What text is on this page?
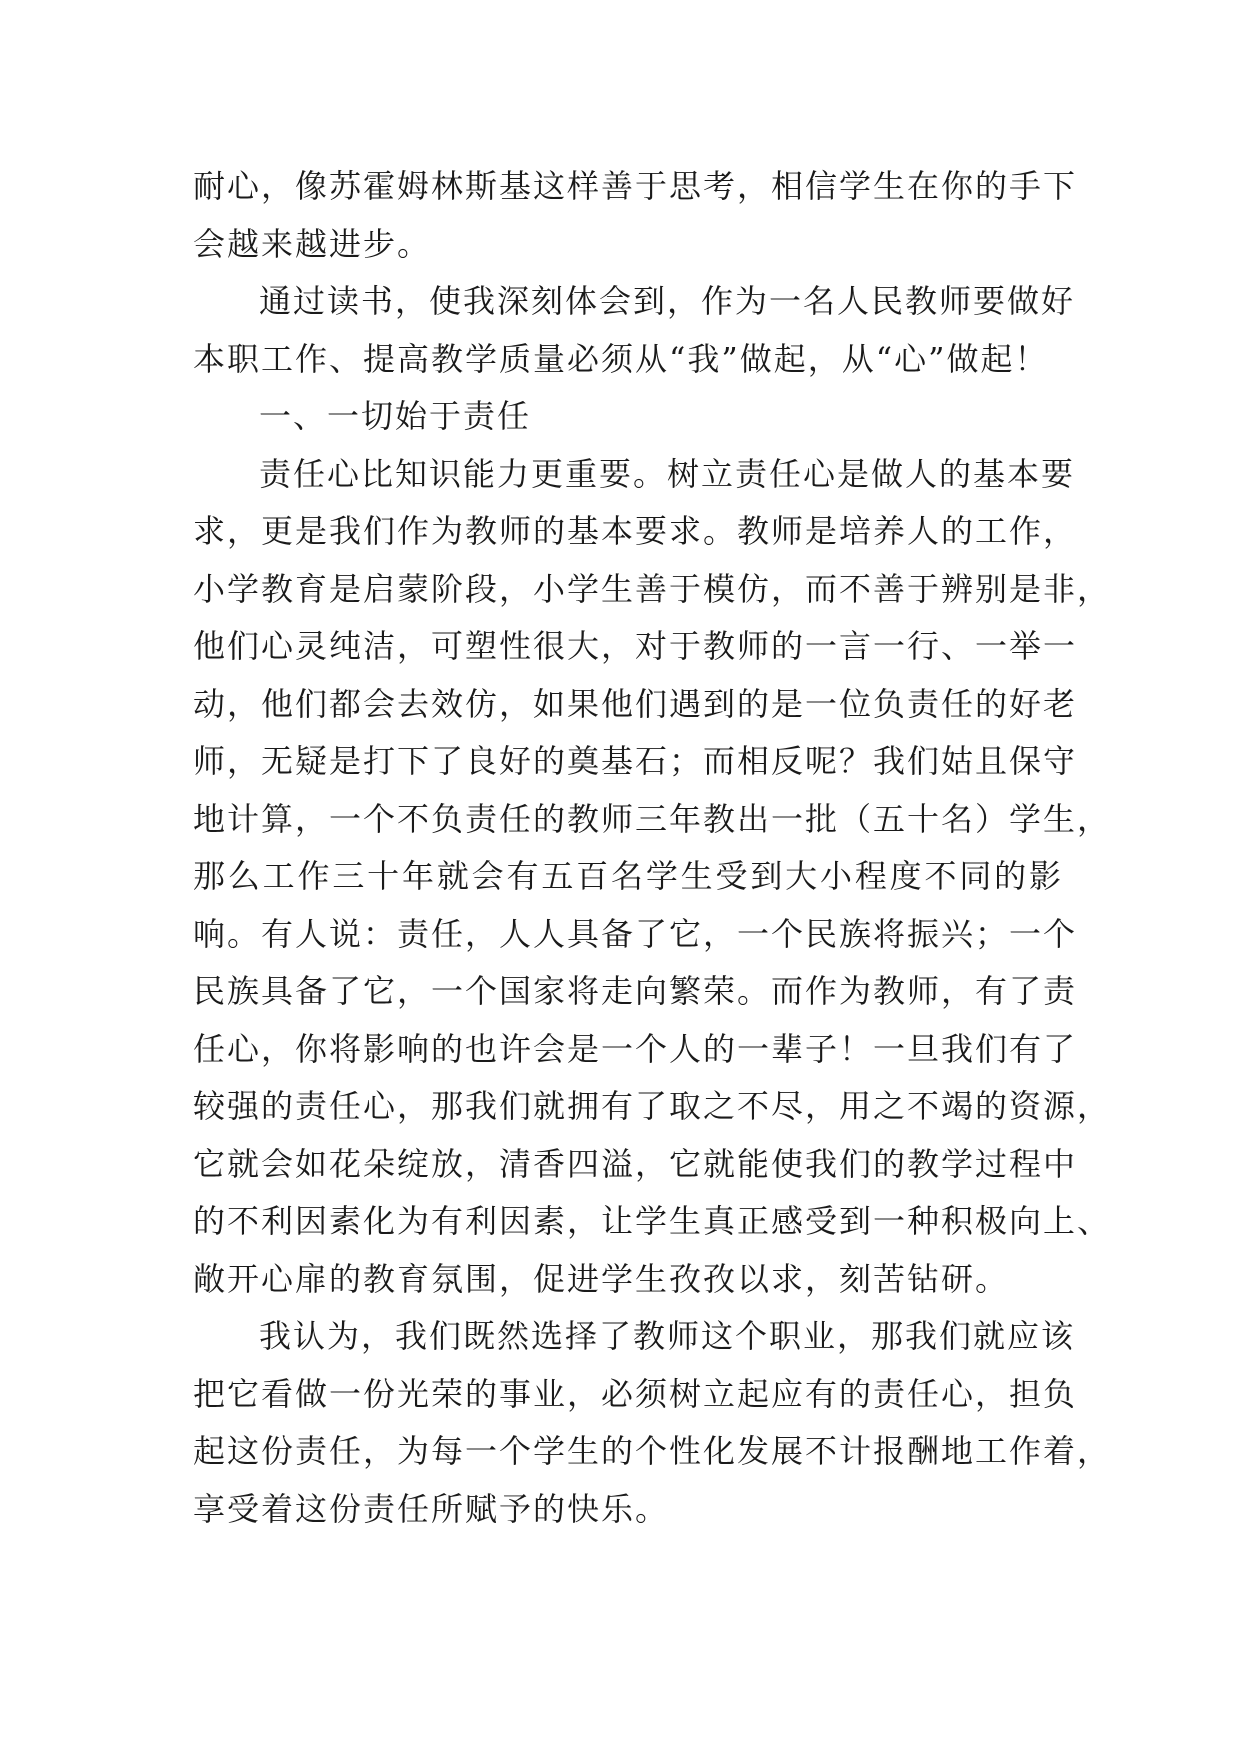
耐心，像苏霍姆林斯基这样善于思考，相信学生在你的手下
会越来越进步。

通过读书，使我深刻体会到，作为一名人民教师要做好
本职工作、提高教学质量必须从“我”做起，从“心”做起！

一、一切始于责任

责任心比知识能力更重要。树立责任心是做人的基本要
求，更是我们作为教师的基本要求。教师是培养人的工作，
小学教育是启蒙阶段，小学生善于模仿，而不善于辨别是非，
他们心灵纯洁，可塑性很大，对于教师的一言一行、一举一
动，他们都会去效仿，如果他们遇到的是一位负责任的好老
师，无疑是打下了良好的奠基石；而相反呢？我们姑且保守
地计算，一个不负责任的教师三年教出一批（五十名）学生，
那么工作三十年就会有五百名学生受到大小程度不同的影
响。有人说：责任，人人具备了它，一个民族将振兴；一个
民族具备了它，一个国家将走向繁荣。而作为教师，有了责
任心，你将影响的也许会是一个人的一辈子！一旦我们有了
较强的责任心，那我们就拥有了取之不尽，用之不竭的资源，
它就会如花朵绽放，清香四溢，它就能使我们的教学过程中
的不利因素化为有利因素，让学生真正感受到一种积极向上、
敞开心扉的教育氛围，促进学生孜孜以求，刻苦钻研。

我认为，我们既然选择了教师这个职业，那我们就应该
把它看做一份光荣的事业，必须树立起应有的责任心，担负
起这份责任，为每一个学生的个性化发展不计报酬地工作着，
享受着这份责任所赋予的快乐。
